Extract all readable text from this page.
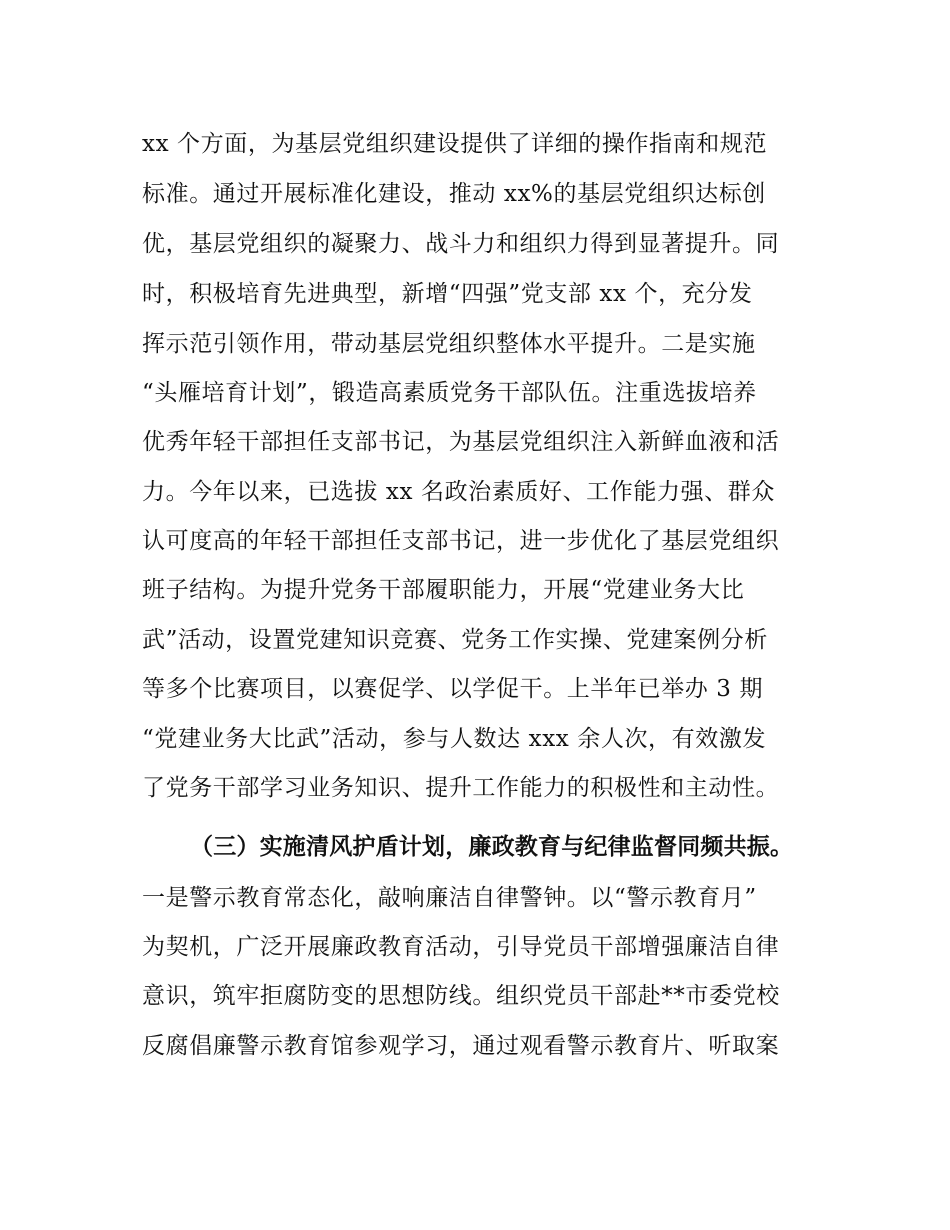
xx 个方面，为基层党组织建设提供了详细的操作指南和规范
标准。通过开展标准化建设，推动 xx%的基层党组织达标创
优，基层党组织的凝聚力、战斗力和组织力得到显著提升。同
时，积极培育先进典型，新增“四强”党支部 xx 个，充分发
挥示范引领作用，带动基层党组织整体水平提升。二是实施
“头雁培育计划”，锻造高素质党务干部队伍。注重选拔培养
优秀年轻干部担任支部书记，为基层党组织注入新鲜血液和活
力。今年以来，已选拔 xx 名政治素质好、工作能力强、群众
认可度高的年轻干部担任支部书记，进一步优化了基层党组织
班子结构。为提升党务干部履职能力，开展“党建业务大比
武”活动，设置党建知识竞赛、党务工作实操、党建案例分析
等多个比赛项目，以赛促学、以学促干。上半年已举办 3 期
“党建业务大比武”活动，参与人数达 xxx 余人次，有效激发
了党务干部学习业务知识、提升工作能力的积极性和主动性。
（三）实施清风护盾计划，廉政教育与纪律监督同频共振。
一是警示教育常态化，敲响廉洁自律警钟。以“警示教育月”
为契机，广泛开展廉政教育活动，引导党员干部增强廉洁自律
意识，筑牢拒腐防变的思想防线。组织党员干部赴**市委党校
反腐倡廉警示教育馆参观学习，通过观看警示教育片、听取案
